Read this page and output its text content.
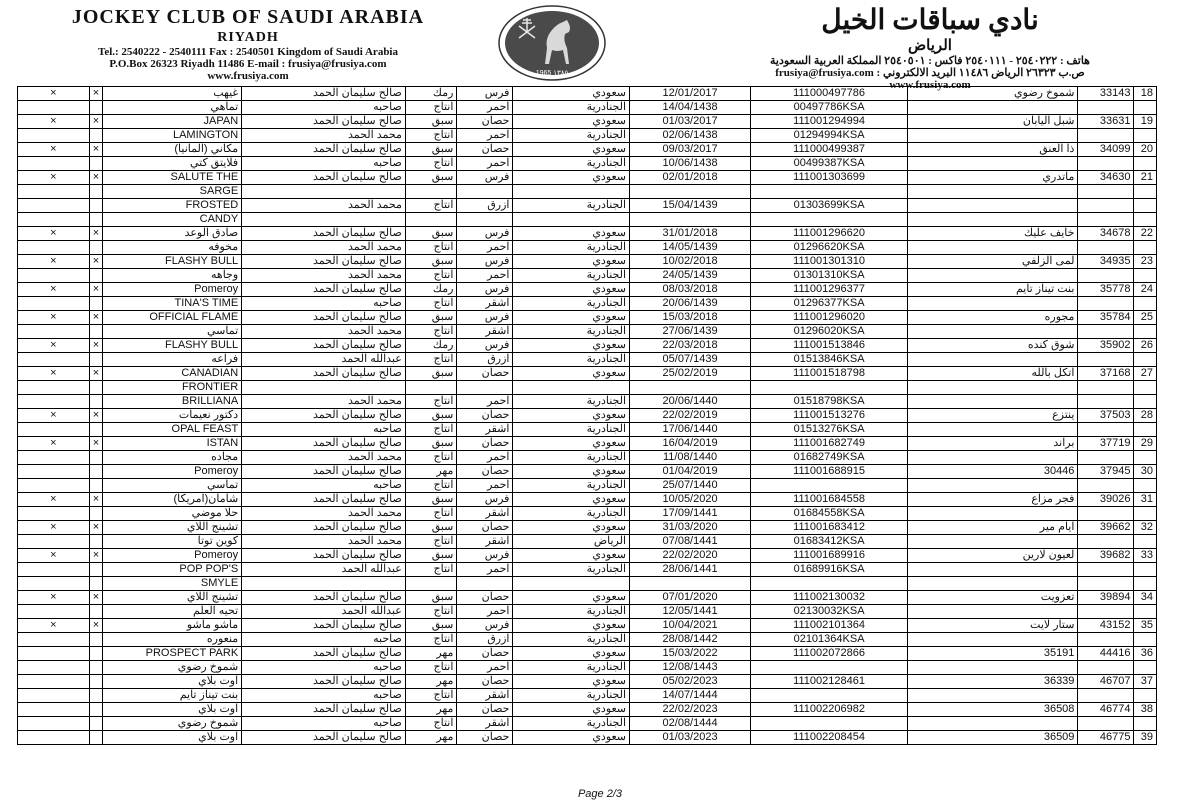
JOCKEY CLUB OF SAUDI ARABIA
RIYADH
Tel.: 2540222 - 2540111 Fax : 2540501 Kingdom of Saudi Arabia
P.O.Box 26323 Riyadh 11486 E-mail : frusiya@frusiya.com
www.frusiya.com	1965 ١٣٨٥
نادي سباقات الخيل
الرياض
هاتف : ٢٥٤٠٢٢٢ - ٢٥٤٠١١١ فاكس : ٢٥٤٠٥٠١ المملكة العربية السعودية
ص.ب ٢٦٣٢٣ الرياض ١١٤٨٦ البريد الالكتروني : frusiya@frusiya.com
www.frusiya.com
×	×	غيهب	صالح سليمان الحمد	رمك	فرس	سعودي	12/01/2017	111000497786	شموخ رضوي	33143	18
		تماهي	صاحبه	انتاج	احمر	الجنادرية	14/04/1438	00497786KSA			
×	×	JAPAN	صالح سليمان الحمد	سبق	حصان	سعودي	01/03/2017	111001294994	شبل اليابان	33631	19
		LAMINGTON	محمد الحمد	انتاج	احمر	الجنادرية	02/06/1438	01294994KSA			
×	×	مكاني (المانيا)	صالح سليمان الحمد	سبق	حصان	سعودي	09/03/2017	111000499387	ذا العنق	34099	20
		فلايتق كتي	صاحبه	انتاج	احمر	الجنادرية	10/06/1438	00499387KSA			
×	×	SALUTE THE	صالح سليمان الحمد	سبق	فرس	سعودي	02/01/2018	111001303699	ماتدري	34630	21
		SARGE									
		FROSTED	محمد الحمد	انتاج	ازرق	الجنادرية	15/04/1439	01303699KSA			
		CANDY									
×	×	صادق الوعد	صالح سليمان الحمد	سبق	فرس	سعودي	31/01/2018	111001296620	خايف عليك	34678	22
		مخوفه	محمد الحمد	انتاج	احمر	الجنادرية	14/05/1439	01296620KSA			
×	×	FLASHY BULL	صالح سليمان الحمد	سبق	فرس	سعودي	10/02/2018	111001301310	لمى الزلفي	34935	23
		وجاهه	محمد الحمد	انتاج	احمر	الجنادرية	24/05/1439	01301310KSA			
×	×	Pomeroy	صالح سليمان الحمد	رمك	فرس	سعودي	08/03/2018	111001296377	بنت تيناز تايم	35778	24
		TINA'S TIME	صاحبه	انتاج	اشقر	الجنادرية	20/06/1439	01296377KSA			
×	×	OFFICIAL FLAME	صالح سليمان الحمد	سبق	فرس	سعودي	15/03/2018	111001296020	مجوره	35784	25
		تماسي	محمد الحمد	انتاج	اشقر	الجنادرية	27/06/1439	01296020KSA			
×	×	FLASHY BULL	صالح سليمان الحمد	رمك	فرس	سعودي	22/03/2018	111001513846	شوق كنده	35902	26
		فراعه	عبدالله الحمد	انتاج	ازرق	الجنادرية	05/07/1439	01513846KSA			
×	×	CANADIAN	صالح سليمان الحمد	سبق	حصان	سعودي	25/02/2019	111001518798	اتكل بالله	37168	27
		FRONTIER									
		BRILLIANA	محمد الحمد	انتاج	احمر	الجنادرية	20/06/1440	01518798KSA			
×	×	دكتور نعيمات	صالح سليمان الحمد	سبق	حصان	سعودي	22/02/2019	111001513276	ينتزع	37503	28
		OPAL FEAST	صاحبه	انتاج	اشقر	الجنادرية	17/06/1440	01513276KSA			
×	×	ISTAN	صالح سليمان الحمد	سبق	حصان	سعودي	16/04/2019	111001682749	براند	37719	29
		مجاده	محمد الحمد	انتاج	احمر	الجنادرية	11/08/1440	01682749KSA			
		Pomeroy	صالح سليمان الحمد	مهر	حصان	سعودي	01/04/2019	111001688915	30446	37945	30
		تماسي	صاحبه	انتاج	احمر	الجنادرية	25/07/1440				
×	×	شامان(امريكا)	صالح سليمان الحمد	سبق	فرس	سعودي	10/05/2020	111001684558	فجر مزاع	39026	31
		حلا موضي	محمد الحمد	انتاج	اشقر	الجنادرية	17/09/1441	01684558KSA			
×	×	تشينج اللاي	صالح سليمان الحمد	سبق	حصان	سعودي	31/03/2020	111001683412	ايام مير	39662	32
		كوين توتا	محمد الحمد	انتاج	اشقر	الرياض	07/08/1441	01683412KSA			
×	×	Pomeroy	صالح سليمان الحمد	سبق	فرس	سعودي	22/02/2020	111001689916	لعيون لارين	39682	33
		POP POP'S	عبدالله الحمد	انتاج	احمر	الجنادرية	28/06/1441	01689916KSA			
		SMYLE									
×	×	تشينج اللاي	صالح سليمان الحمد	سبق	حصان	سعودي	07/01/2020	111002130032	تعزويت	39894	34
		تحيه العلم	عبدالله الحمد	انتاج	احمر	الجنادرية	12/05/1441	02130032KSA			
×	×	ماشو ماشو	صالح سليمان الحمد	سبق	فرس	سعودي	10/04/2021	111002101364	ستار لايت	43152	35
		منعوره	صاحبه	انتاج	ازرق	الجنادرية	28/08/1442	02101364KSA			
		PROSPECT PARK	صالح سليمان الحمد	مهر	حصان	سعودي	15/03/2022	111002072866	35191	44416	36
		شموخ رضوي	صاحبه	انتاج	احمر	الجنادرية	12/08/1443				
		اوت بلاي	صالح سليمان الحمد	مهر	حصان	سعودي	05/02/2023	111002128461	36339	46707	37
		بنت تيناز تايم	صاحبه	انتاج	اشقر	الجنادرية	14/07/1444				
		اوت بلاي	صالح سليمان الحمد	مهر	حصان	سعودي	22/02/2023	111002206982	36508	46774	38
		شموخ رضوي	صاحبه	انتاج	اشقر	الجنادرية	02/08/1444				
		اوت بلاي	صالح سليمان الحمد	مهر	حصان	سعودي	01/03/2023	111002208454	36509	46775	39
Page 2/3
